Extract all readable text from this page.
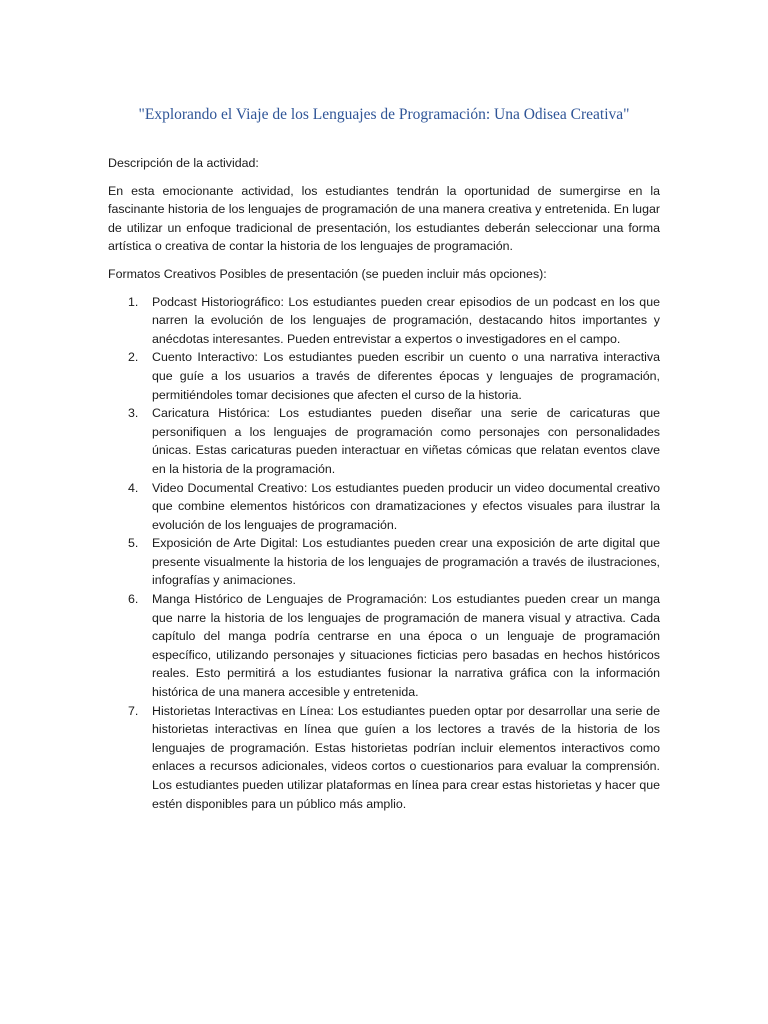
"Explorando el Viaje de los Lenguajes de Programación: Una Odisea Creativa"

Descripción de la actividad:

En esta emocionante actividad, los estudiantes tendrán la oportunidad de sumergirse en la fascinante historia de los lenguajes de programación de una manera creativa y entretenida. En lugar de utilizar un enfoque tradicional de presentación, los estudiantes deberán seleccionar una forma artística o creativa de contar la historia de los lenguajes de programación.

Formatos Creativos Posibles de presentación (se pueden incluir más opciones):

1. Podcast Historiográfico: Los estudiantes pueden crear episodios de un podcast en los que narren la evolución de los lenguajes de programación, destacando hitos importantes y anécdotas interesantes. Pueden entrevistar a expertos o investigadores en el campo.
2. Cuento Interactivo: Los estudiantes pueden escribir un cuento o una narrativa interactiva que guíe a los usuarios a través de diferentes épocas y lenguajes de programación, permitiéndoles tomar decisiones que afecten el curso de la historia.
3. Caricatura Histórica: Los estudiantes pueden diseñar una serie de caricaturas que personifiquen a los lenguajes de programación como personajes con personalidades únicas. Estas caricaturas pueden interactuar en viñetas cómicas que relatan eventos clave en la historia de la programación.
4. Video Documental Creativo: Los estudiantes pueden producir un video documental creativo que combine elementos históricos con dramatizaciones y efectos visuales para ilustrar la evolución de los lenguajes de programación.
5. Exposición de Arte Digital: Los estudiantes pueden crear una exposición de arte digital que presente visualmente la historia de los lenguajes de programación a través de ilustraciones, infografías y animaciones.
6. Manga Histórico de Lenguajes de Programación: Los estudiantes pueden crear un manga que narre la historia de los lenguajes de programación de manera visual y atractiva. Cada capítulo del manga podría centrarse en una época o un lenguaje de programación específico, utilizando personajes y situaciones ficticias pero basadas en hechos históricos reales. Esto permitirá a los estudiantes fusionar la narrativa gráfica con la información histórica de una manera accesible y entretenida.
7. Historietas Interactivas en Línea: Los estudiantes pueden optar por desarrollar una serie de historietas interactivas en línea que guíen a los lectores a través de la historia de los lenguajes de programación. Estas historietas podrían incluir elementos interactivos como enlaces a recursos adicionales, videos cortos o cuestionarios para evaluar la comprensión. Los estudiantes pueden utilizar plataformas en línea para crear estas historietas y hacer que estén disponibles para un público más amplio.
